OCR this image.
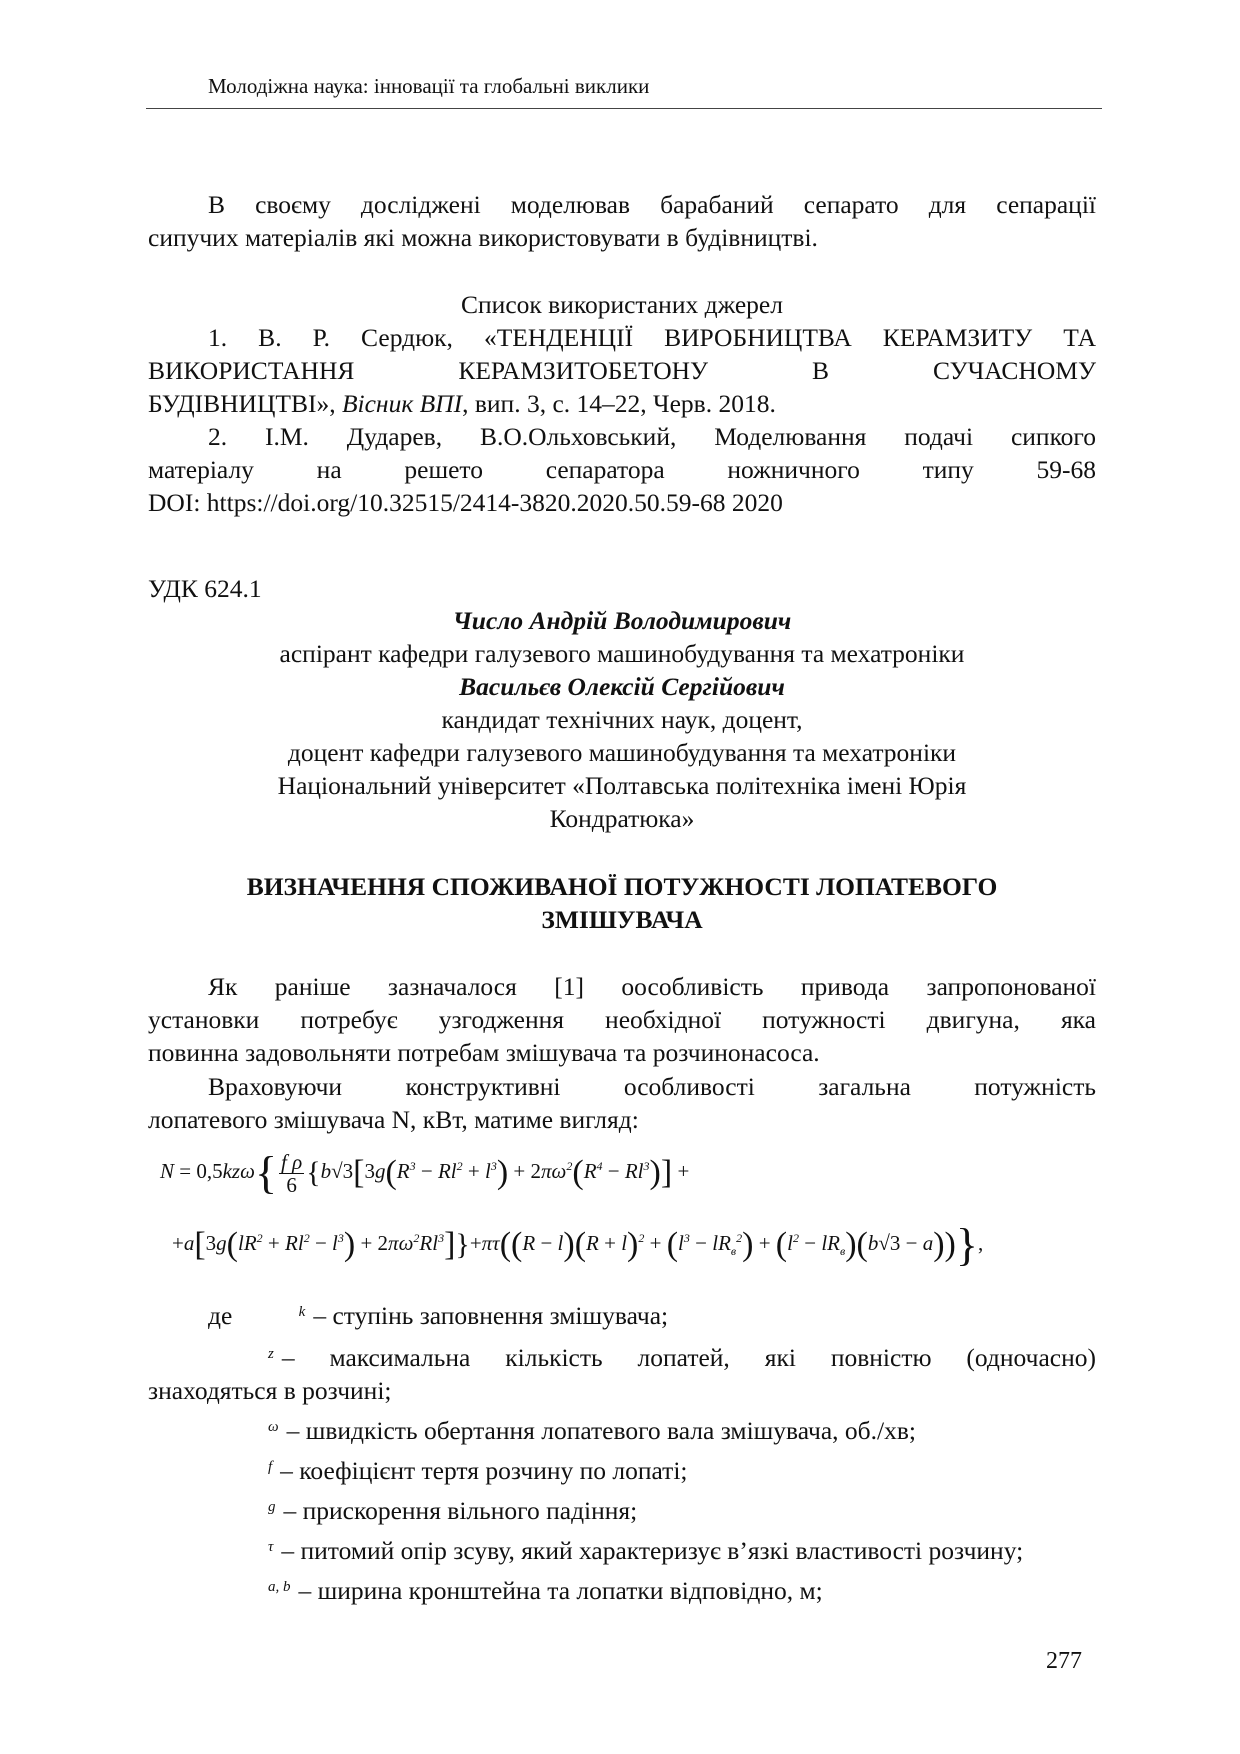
Молодіжна наука: інновації та глобальні виклики

В своєму досліджені моделював барабаний сепарато для сепарації

сипучих матеріалів які можна використовувати в будівництві.

Список використаних джерел

1. В. Р. Сердюк, «ТЕНДЕНЦІЇ ВИРОБНИЦТВА КЕРАМЗИТУ ТА

ВИКОРИСТАННЯ КЕРАМЗИТОБЕТОНУ В СУЧАСНОМУ

БУДІВНИЦТВІ», Вісник ВПІ, вип. 3, с. 14–22, Черв. 2018.

2. І.М. Дударев, В.О.Ольховський, Моделювання подачі сипкого

матеріалу на решето сепаратора ножничного типу 59-68

DOI: https://doi.org/10.32515/2414-3820.2020.50.59-68 2020

УДК 624.1

Число Андрій Володимирович

аспірант кафедри галузевого машинобудування та мехатроніки

Васильєв Олексій Сергійович

кандидат технічних наук, доцент,

доцент кафедри галузевого машинобудування та мехатроніки

Національний університет «Полтавська політехніка імені Юрія

Кондратюка»

ВИЗНАЧЕННЯ СПОЖИВАНОЇ ПОТУЖНОСТІ ЛОПАТЕВОГО

ЗМІШУВАЧА

Як раніше зазначалося [1] оособливість привода запропонованої

установки потребує узгодження необхідної потужності двигуна, яка

повинна задовольняти потребам змішувача та розчинонасоса.

Враховуючи конструктивні особливості загальна потужність

лопатевого змішувача N, кВт, матиме вигляд:

$N = 0,5kz\omega\{ \frac{\text{f ρ}}{6} \{b√3[3g(R^3 - Rl^2 + l^3) + 2\pi\omega^2(R^4 - Rl^3)]$ +
$+a[3g(lR^2 + Rl^2 - l^3) + 2\pi\omega^2Rl^3]\}+\pi\tau((R - l)(R + l)^2 + (l^3 - lR_в^2) + (l^2 - lR_в)(b√3 - a))$},

де	k – ступінь заповнення змішувача;

z – максимальна кількість лопатей, які повністю (одночасно)

знаходяться в розчині;

ω – швидкість обертання лопатевого вала змішувача, об./хв;

f – коефіцієнт тертя розчину по лопаті;

g – прискорення вільного падіння;

τ – питомий опір зсуву, який характеризує в’язкі властивості розчину;

a, b – ширина кронштейна та лопатки відповідно, м;

277
